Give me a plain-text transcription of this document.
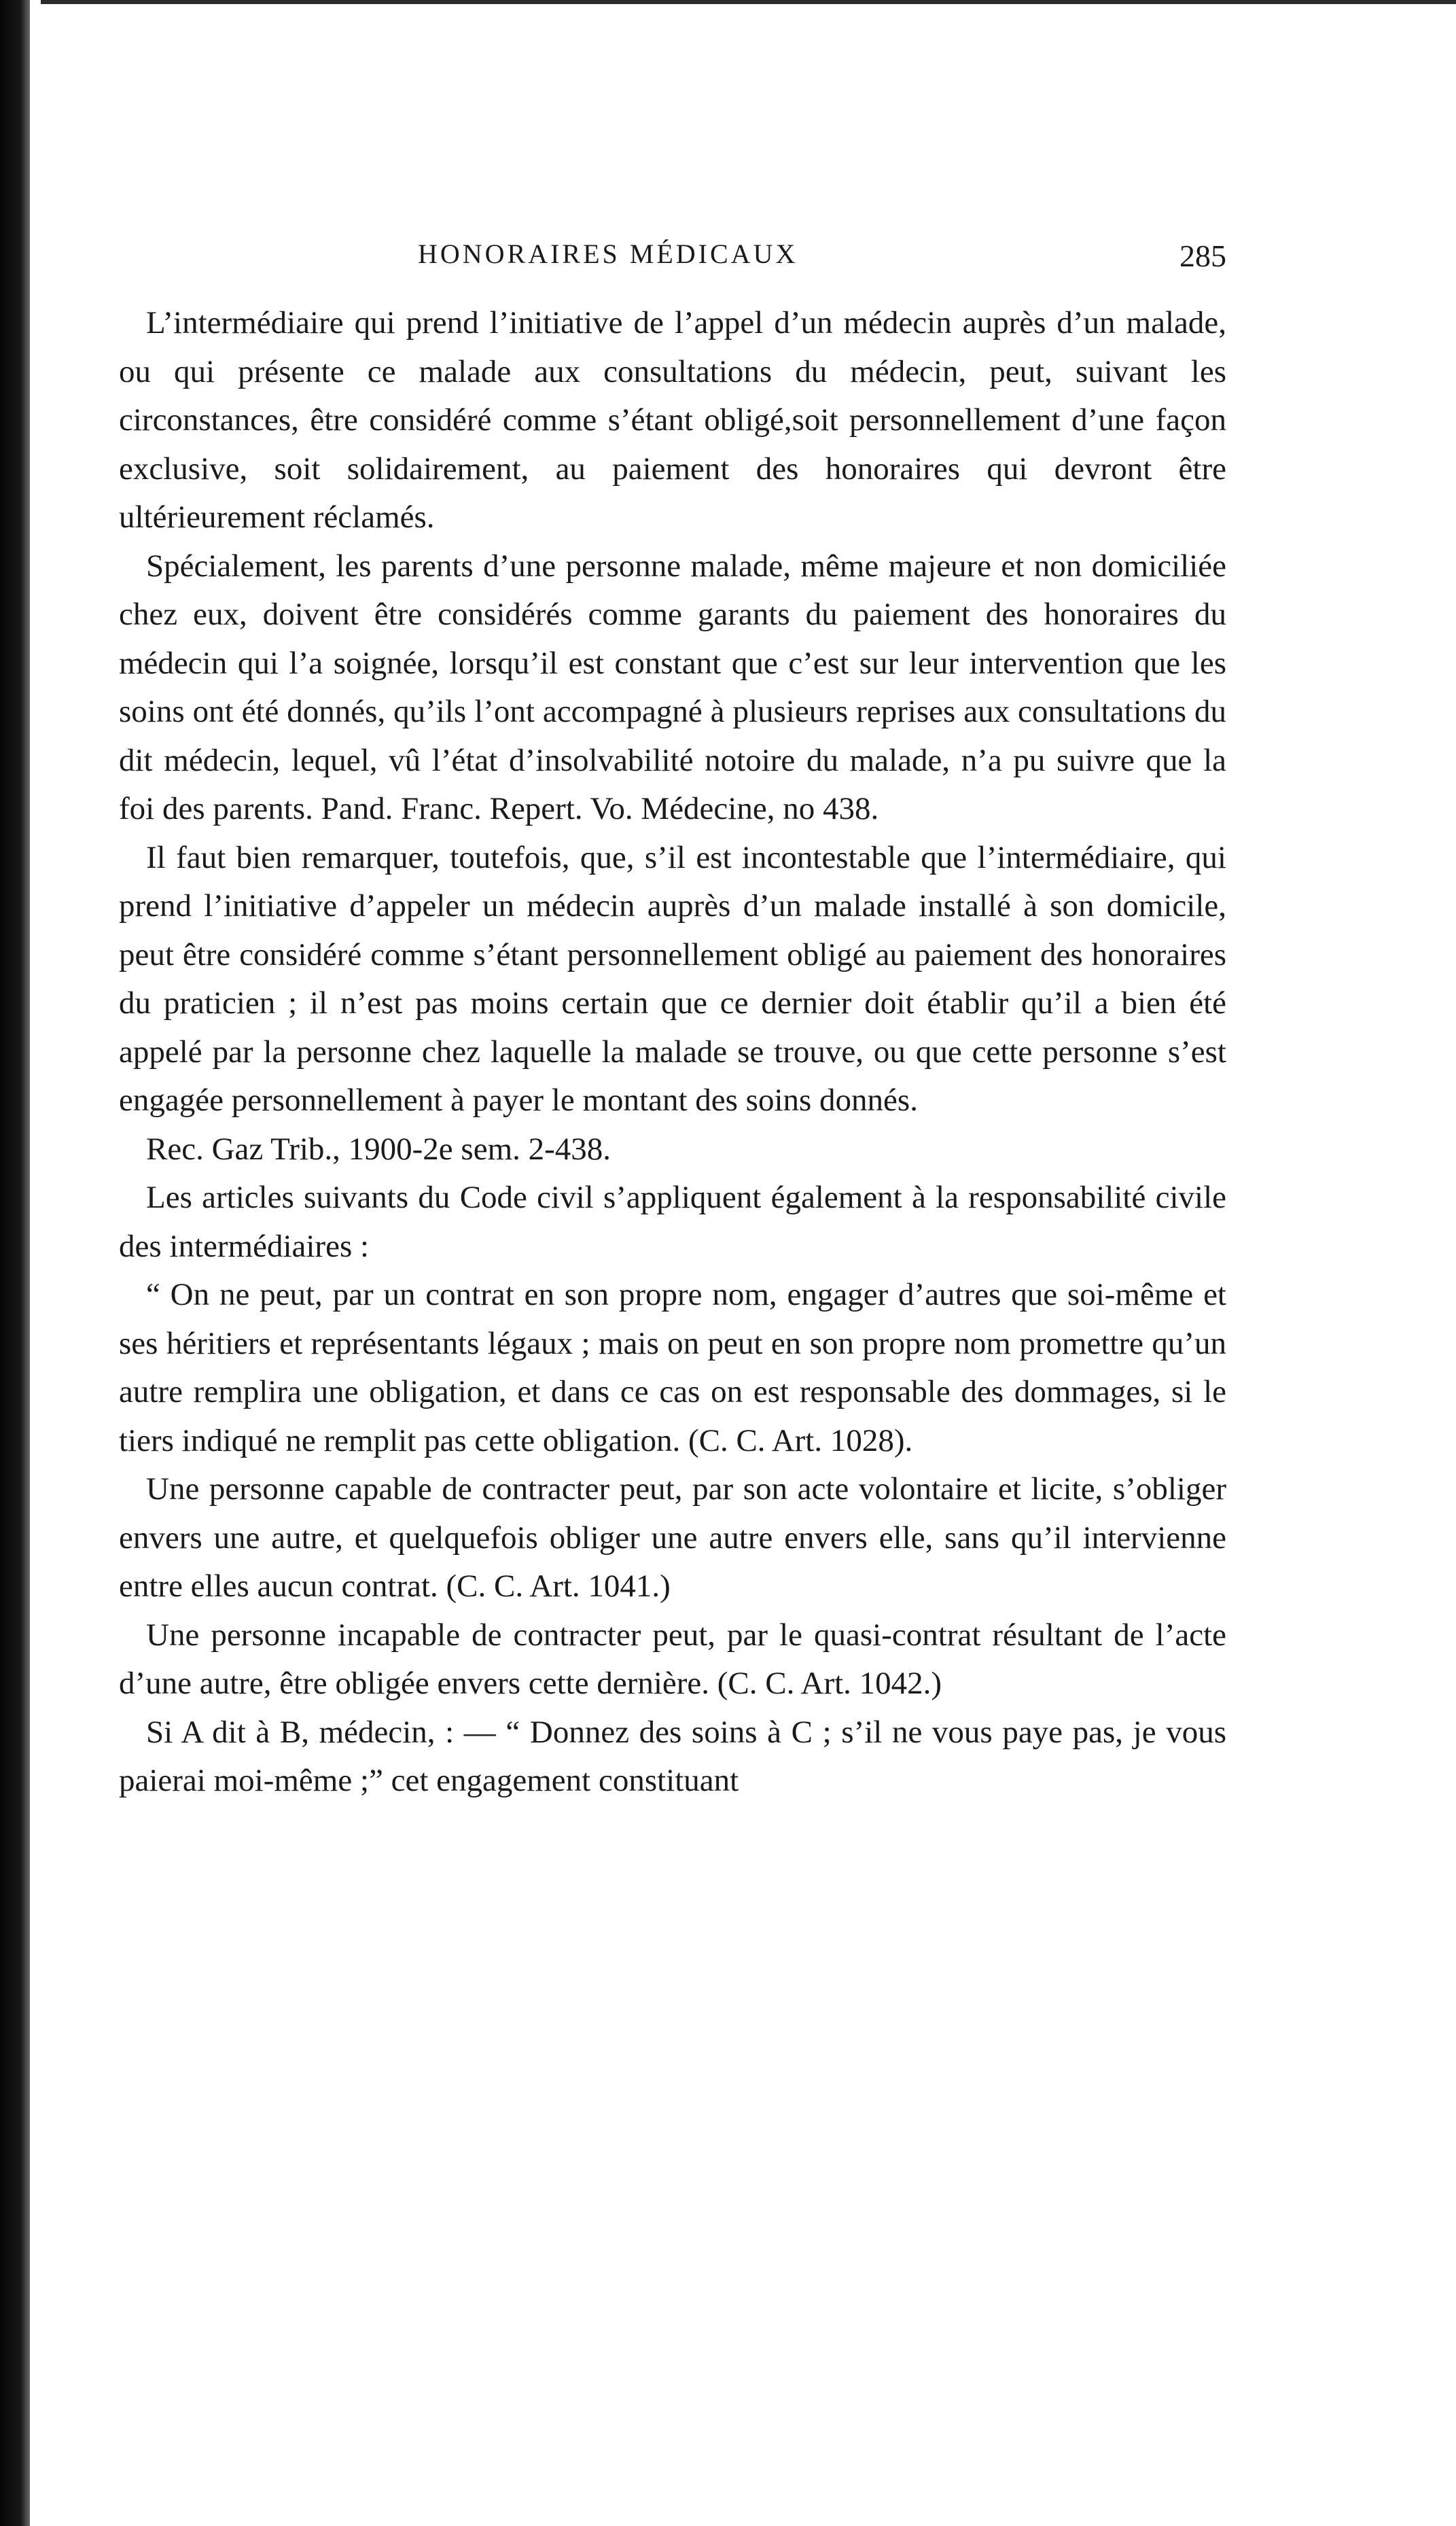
HONORAIRES MÉDICAUX	285

L’intermédiaire qui prend l’initiative de l’appel d’un médecin auprès d’un malade, ou qui présente ce malade aux consultations du médecin, peut, suivant les circonstances, être considéré comme s’étant obligé,soit personnellement d’une façon exclusive, soit solidairement, au paiement des honoraires qui devront être ultérieurement réclamés.

Spécialement, les parents d’une personne malade, même majeure et non domiciliée chez eux, doivent être considérés comme garants du paiement des honoraires du médecin qui l’a soignée, lorsqu’il est constant que c’est sur leur intervention que les soins ont été donnés, qu’ils l’ont accompagné à plusieurs reprises aux consultations du dit médecin, lequel, vû l’état d’insolvabilité notoire du malade, n’a pu suivre que la foi des parents. Pand. Franc. Repert. Vo. Médecine, no 438.

Il faut bien remarquer, toutefois, que, s’il est incontestable que l’intermédiaire, qui prend l’initiative d’appeler un médecin auprès d’un malade installé à son domicile, peut être considéré comme s’étant personnellement obligé au paiement des honoraires du praticien ; il n’est pas moins certain que ce dernier doit établir qu’il a bien été appelé par la personne chez laquelle la malade se trouve, ou que cette personne s’est engagée personnellement à payer le montant des soins donnés.

Rec. Gaz Trib., 1900-2e sem. 2-438.

Les articles suivants du Code civil s’appliquent également à la responsabilité civile des intermédiaires :

“ On ne peut, par un contrat en son propre nom, engager d’autres que soi-même et ses héritiers et représentants légaux ; mais on peut en son propre nom promettre qu’un autre remplira une obligation, et dans ce cas on est responsable des dommages, si le tiers indiqué ne remplit pas cette obligation. (C. C. Art. 1028).

Une personne capable de contracter peut, par son acte volontaire et licite, s’obliger envers une autre, et quelquefois obliger une autre envers elle, sans qu’il intervienne entre elles aucun contrat. (C. C. Art. 1041.)

Une personne incapable de contracter peut, par le quasi-contrat résultant de l’acte d’une autre, être obligée envers cette dernière. (C. C. Art. 1042.)

Si A dit à B, médecin, : — “ Donnez des soins à C ; s’il ne vous paye pas, je vous paierai moi-même ;” cet engagement constituant
